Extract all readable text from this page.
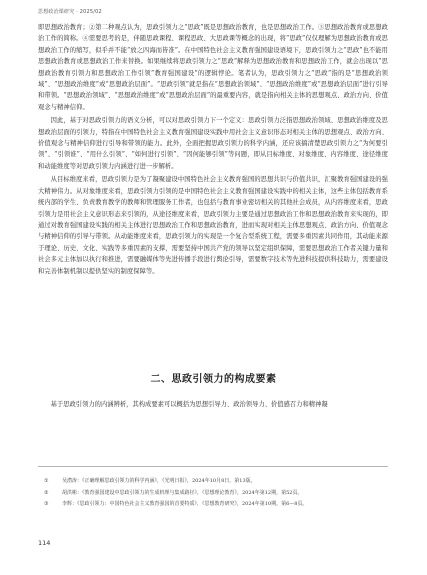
思想政治课研究 · 2025/02

即思想政治教育；②第二种观点认为，思政引领力之“思政”既是思想政治教育，也是思想政治工作。③思想政治教育或思想政治工作的简称。④需要思考的是，伴随思政课程、课程思政、大思政课等概念的出现，将“思政”仅仅理解为思想政治教育或思想政治工作的缩写，似乎并不能“放之四海而皆准”。在中国特色社会主义教育强国建设语境下，思政引领力之“思政”也不能用思想政治教育或思想政治工作来替换。如果继续将思政引领力之“思政”解释为思想政治教育和思想政治工作，就会出现以“思想政治教育引领力和思想政治工作引领”教育强国建设”的逻辑悖论。笔者认为，思政引领力之“思政”指的是“思想政治领域”、“思想政治维度”或“思想政治层面”。“思政引领”就是指在“思想政治领域”、“思想政治维度”或“思想政治层面”进行引导和带领。“思想政治领域”、“思想政治维度”或“思想政治层面”的最重要内容，就是指向相关主体的思想观点、政治方向、价值观念与精神信仰。

因此，基于对思政引领力的语义分析，可以对思政引领力下一个定义：思政引领力泛指思想政治领域、思想政治维度及思想政治层面的引领力，特指在中国特色社会主义教育强国建设实践中用社会主义意识形态对相关主体的思想观点、政治方向、价值观念与精神信仰进行引导和带领的能力。此外，全面把握思政引领力的科学内涵，还应该搞清楚思政引领力之“为何要引领”、“引领谁”、“用什么引领”、“如何进行引领”、“因何能够引领”等问题，即从目标维度、对象维度、内容维度、途径维度和动能维度等对思政引领力内涵进行进一步解析。

从目标维度来看，思政引领力是为了凝聚建设中国特色社会主义教育强国的思想共识与价值共识，汇聚教育强国建设的强大精神伟力。从对象维度来看，思政引领力引领的是中国特色社会主义教育强国建设实践中的相关主体，这些主体包括教育系统内部的学生、负责教育教学的教师和管理服务工作者，也包括与教育事业密切相关的其他社会成员，从内容维度来看，思政引领力是用社会主义意识形态来引领的，从途径维度来看，思政引领力主要是通过思想政治工作和思想政治教育来实现的，即通过对教育强国建设实践的相关主体进行思想政治工作和思想政治教育，进而实现对相关主体思想观点、政治方向、价值观念与精神信仰的引导与带领。从动能维度来看，思政引领力的实现是一个复合型系统工程，需要多重因素共同作用，其动能来源于理论、历史、文化、实践等多重因素的支撑，需要坚持中国共产党的领导以坚定组织保障，需要思想政治工作者关键力量和社会多元主体加以执行和推进，需要融媒体等先进传播手段进行舆论引导，需要数字技术等先进科技提供科技助力，需要建设和完善体制机制以提供坚实的制度保障等。

二、思政引领力的构成要素
基于思政引领力的内涵辨析，其构成要素可以概括为思想引导力、政治领导力、价值感召力和精神凝
①	吴潜涛：《正确理解思政引领力的科学内涵》，《光明日报》，2024年10月8日，第13版。
②	胡洪彬：《教育强国建设中思政引领力的生成机理与集成路径》，《思想理论教育》，2024年第12期，第52页。
③	李辉：《思政引领力：中国特色社会主义教育强国的首要特质》，《思想教育研究》，2024年第10期，第6—8页。
114
